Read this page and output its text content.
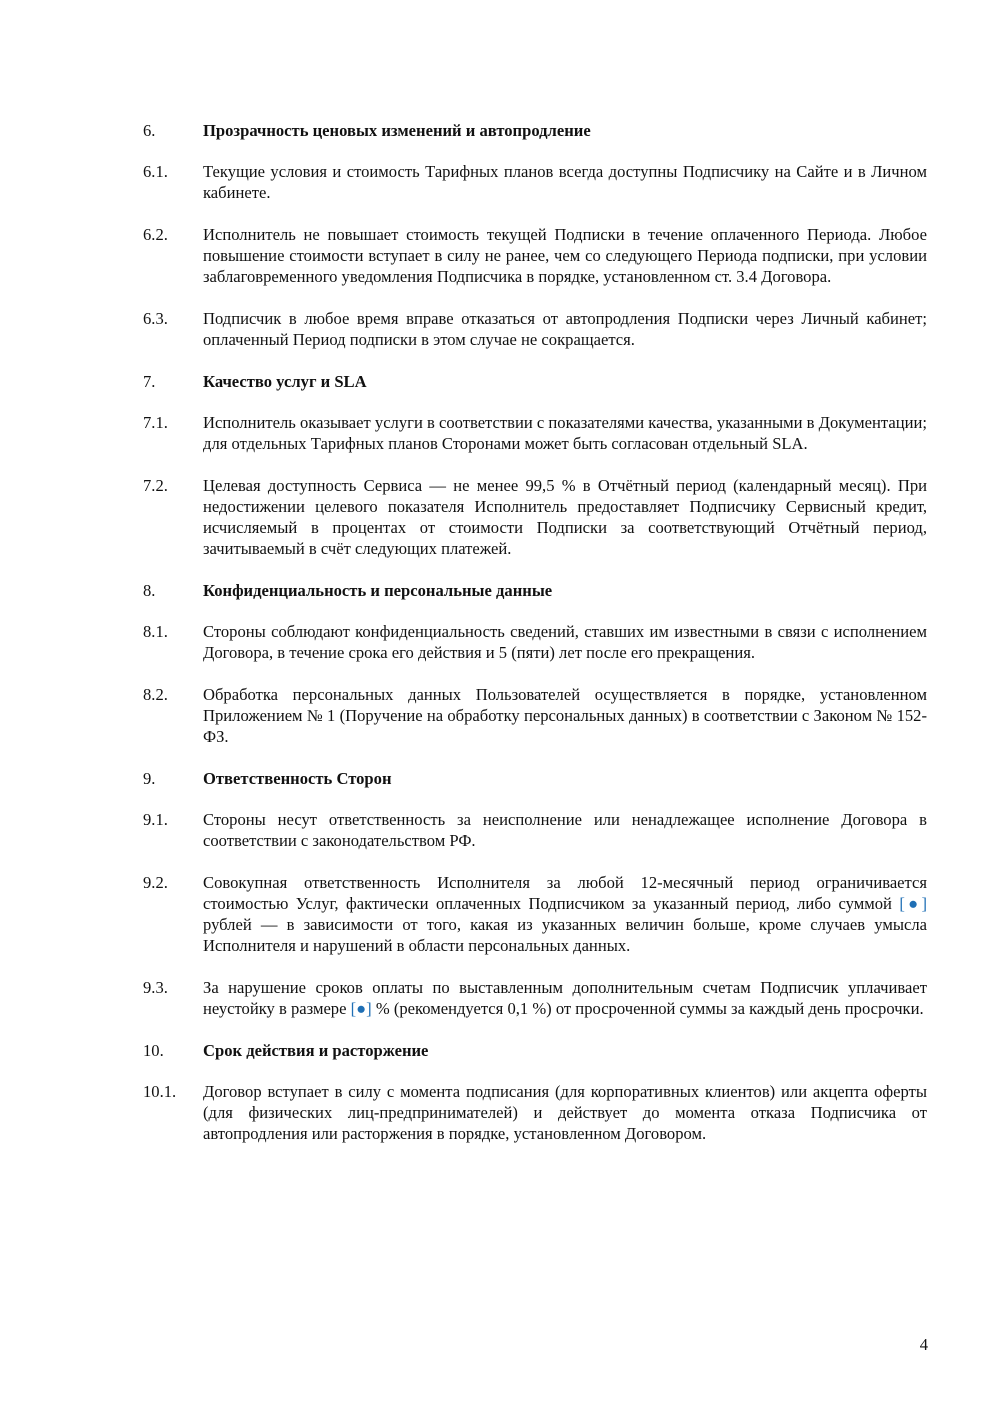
6.	Прозрачность ценовых изменений и автопродление
6.1.	Текущие условия и стоимость Тарифных планов всегда доступны Подписчику на Сайте и в Личном кабинете.
6.2.	Исполнитель не повышает стоимость текущей Подписки в течение оплаченного Периода. Любое повышение стоимости вступает в силу не ранее, чем со следующего Периода подписки, при условии заблаговременного уведомления Подписчика в порядке, установленном ст. 3.4 Договора.
6.3.	Подписчик в любое время вправе отказаться от автопродления Подписки через Личный кабинет; оплаченный Период подписки в этом случае не сокращается.
7.	Качество услуг и SLA
7.1.	Исполнитель оказывает услуги в соответствии с показателями качества, указанными в Документации; для отдельных Тарифных планов Сторонами может быть согласован отдельный SLA.
7.2.	Целевая доступность Сервиса — не менее 99,5 % в Отчётный период (календарный месяц). При недостижении целевого показателя Исполнитель предоставляет Подписчику Сервисный кредит, исчисляемый в процентах от стоимости Подписки за соответствующий Отчётный период, зачитываемый в счёт следующих платежей.
8.	Конфиденциальность и персональные данные
8.1.	Стороны соблюдают конфиденциальность сведений, ставших им известными в связи с исполнением Договора, в течение срока его действия и 5 (пяти) лет после его прекращения.
8.2.	Обработка персональных данных Пользователей осуществляется в порядке, установленном Приложением № 1 (Поручение на обработку персональных данных) в соответствии с Законом № 152-ФЗ.
9.	Ответственность Сторон
9.1.	Стороны несут ответственность за неисполнение или ненадлежащее исполнение Договора в соответствии с законодательством РФ.
9.2.	Совокупная ответственность Исполнителя за любой 12-месячный период ограничивается стоимостью Услуг, фактически оплаченных Подписчиком за указанный период, либо суммой [●] рублей — в зависимости от того, какая из указанных величин больше, кроме случаев умысла Исполнителя и нарушений в области персональных данных.
9.3.	За нарушение сроков оплаты по выставленным дополнительным счетам Подписчик уплачивает неустойку в размере [●] % (рекомендуется 0,1 %) от просроченной суммы за каждый день просрочки.
10.	Срок действия и расторжение
10.1.	Договор вступает в силу с момента подписания (для корпоративных клиентов) или акцепта оферты (для физических лиц-предпринимателей) и действует до момента отказа Подписчика от автопродления или расторжения в порядке, установленном Договором.
4
